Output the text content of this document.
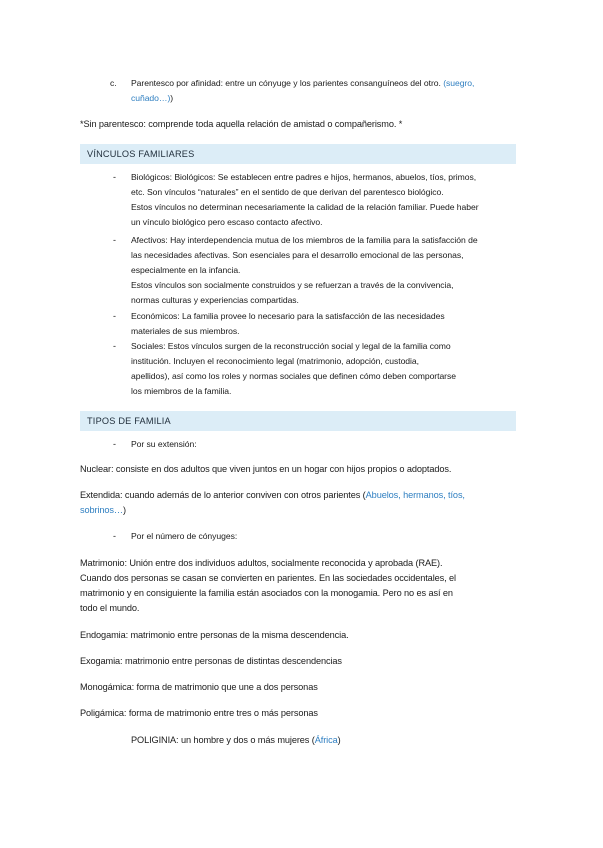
c. Parentesco por afinidad: entre un cónyuge y los parientes consanguíneos del otro. (suegro,
cuñado…))
*Sin parentesco: comprende toda aquella relación de amistad o compañerismo. *
VÍNCULOS FAMILIARES
- Biológicos: Biológicos: Se establecen entre padres e hijos, hermanos, abuelos, tíos, primos,
etc. Son vínculos “naturales” en el sentido de que derivan del parentesco biológico.
Estos vínculos no determinan necesariamente la calidad de la relación familiar. Puede haber
un vínculo biológico pero escaso contacto afectivo.
- Afectivos: Hay interdependencia mutua de los miembros de la familia para la satisfacción de
las necesidades afectivas. Son esenciales para el desarrollo emocional de las personas,
especialmente en la infancia.
Estos vínculos son socialmente construidos y se refuerzan a través de la convivencia,
normas culturas y experiencias compartidas.
- Económicos: La familia provee lo necesario para la satisfacción de las necesidades
materiales de sus miembros.
- Sociales: Estos vínculos surgen de la reconstrucción social y legal de la familia como
institución. Incluyen el reconocimiento legal (matrimonio, adopción, custodia,
apellidos), así como los roles y normas sociales que definen cómo deben comportarse
los miembros de la familia.
TIPOS DE FAMILIA
- Por su extensión:
Nuclear: consiste en dos adultos que viven juntos en un hogar con hijos propios o adoptados.
Extendida: cuando además de lo anterior conviven con otros parientes (Abuelos, hermanos, tíos,
sobrinos…)
- Por el número de cónyuges:
Matrimonio: Unión entre dos individuos adultos, socialmente reconocida y aprobada (RAE).
Cuando dos personas se casan se convierten en parientes. En las sociedades occidentales, el
matrimonio y en consiguiente la familia están asociados con la monogamia. Pero no es así en
todo el mundo.
Endogamia: matrimonio entre personas de la misma descendencia.
Exogamia: matrimonio entre personas de distintas descendencias
Monogámica: forma de matrimonio que une a dos personas
Poligámica: forma de matrimonio entre tres o más personas
POLIGINIA: un hombre y dos o más mujeres (África)
